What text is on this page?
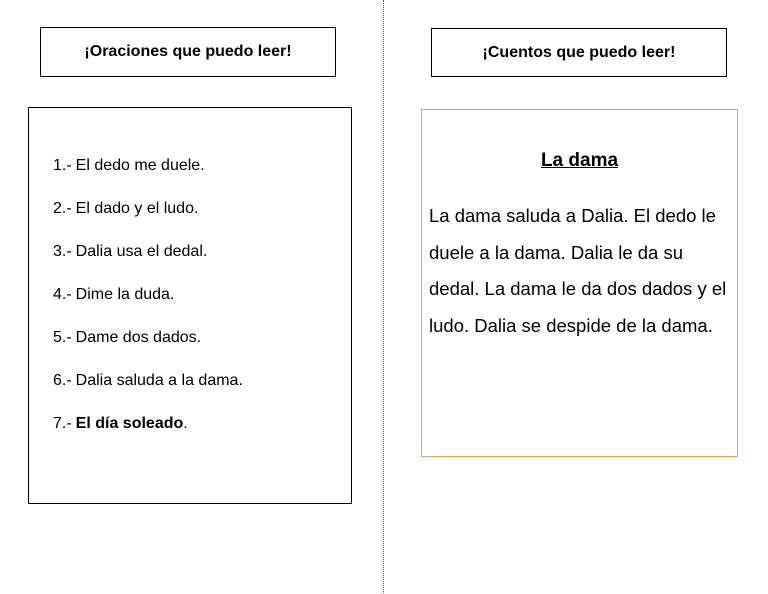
¡Oraciones que puedo leer!	¡Cuentos que puedo leer!
1.- El dedo me duele.
2.- El dado y el ludo.
3.- Dalia usa el dedal.
4.- Dime la duda.
5.- Dame dos dados.
6.- Dalia saluda a la dama.
7.- El día soleado.
La dama

La dama saluda a Dalia. El dedo le duele a la dama. Dalia le da su dedal. La dama le da dos dados y el ludo. Dalia se despide de la dama.
